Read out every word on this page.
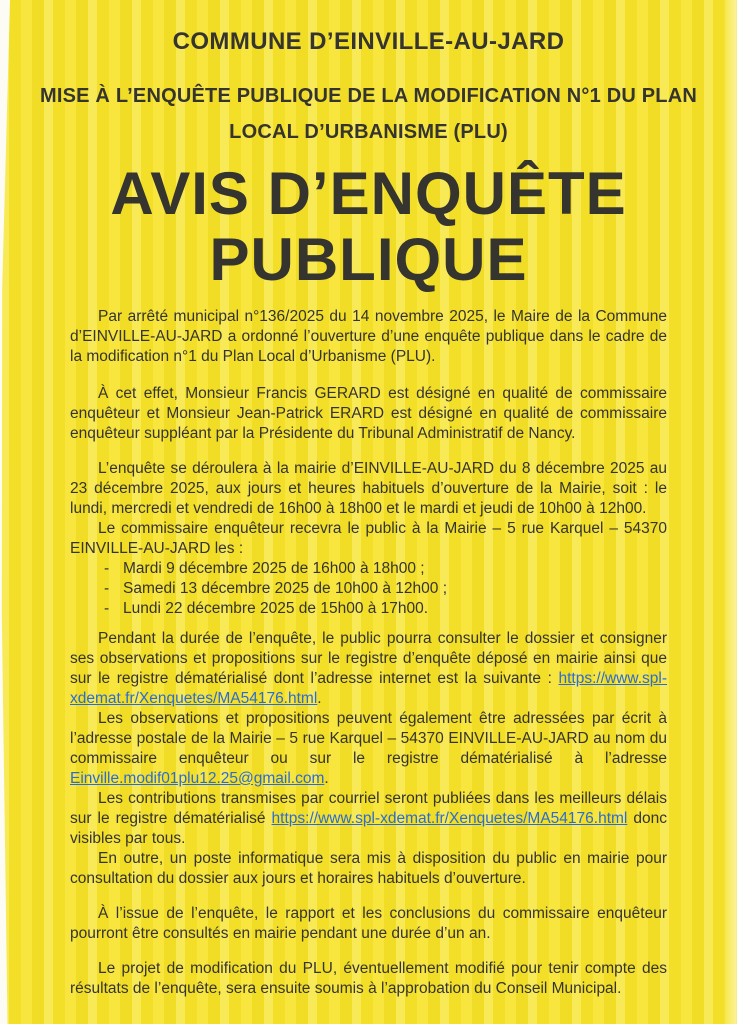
COMMUNE D’EINVILLE-AU-JARD
MISE À L’ENQUÊTE PUBLIQUE DE LA MODIFICATION N°1 DU PLAN
LOCAL D’URBANISME (PLU)
AVIS D’ENQUÊTE
PUBLIQUE

Par arrêté municipal n°136/2025 du 14 novembre 2025, le Maire de la Commune d’EINVILLE-AU-JARD a ordonné l’ouverture d’une enquête publique dans le cadre de la modification n°1 du Plan Local d’Urbanisme (PLU).

À cet effet, Monsieur Francis GERARD est désigné en qualité de commissaire enquêteur et Monsieur Jean-Patrick ERARD est désigné en qualité de commissaire enquêteur suppléant par la Présidente du Tribunal Administratif de Nancy.

L’enquête se déroulera à la mairie d’EINVILLE-AU-JARD du 8 décembre 2025 au 23 décembre 2025, aux jours et heures habituels d’ouverture de la Mairie, soit : le lundi, mercredi et vendredi de 16h00 à 18h00 et le mardi et jeudi de 10h00 à 12h00.

Le commissaire enquêteur recevra le public à la Mairie – 5 rue Karquel – 54370 EINVILLE-AU-JARD les :

- Mardi 9 décembre 2025 de 16h00 à 18h00 ;
- Samedi 13 décembre 2025 de 10h00 à 12h00 ;
- Lundi 22 décembre 2025 de 15h00 à 17h00.

Pendant la durée de l’enquête, le public pourra consulter le dossier et consigner ses observations et propositions sur le registre d’enquête déposé en mairie ainsi que sur le registre dématérialisé dont l’adresse internet est la suivante : https://www.spl-xdemat.fr/Xenquetes/MA54176.html.

Les observations et propositions peuvent également être adressées par écrit à l’adresse postale de la Mairie – 5 rue Karquel – 54370 EINVILLE-AU-JARD au nom du commissaire enquêteur ou sur le registre dématérialisé à l’adresse Einville.modif01plu12.25@gmail.com.

Les contributions transmises par courriel seront publiées dans les meilleurs délais sur le registre dématérialisé https://www.spl-xdemat.fr/Xenquetes/MA54176.html donc visibles par tous.

En outre, un poste informatique sera mis à disposition du public en mairie pour consultation du dossier aux jours et horaires habituels d’ouverture.

À l’issue de l’enquête, le rapport et les conclusions du commissaire enquêteur pourront être consultés en mairie pendant une durée d’un an.

Le projet de modification du PLU, éventuellement modifié pour tenir compte des résultats de l’enquête, sera ensuite soumis à l’approbation du Conseil Municipal.
